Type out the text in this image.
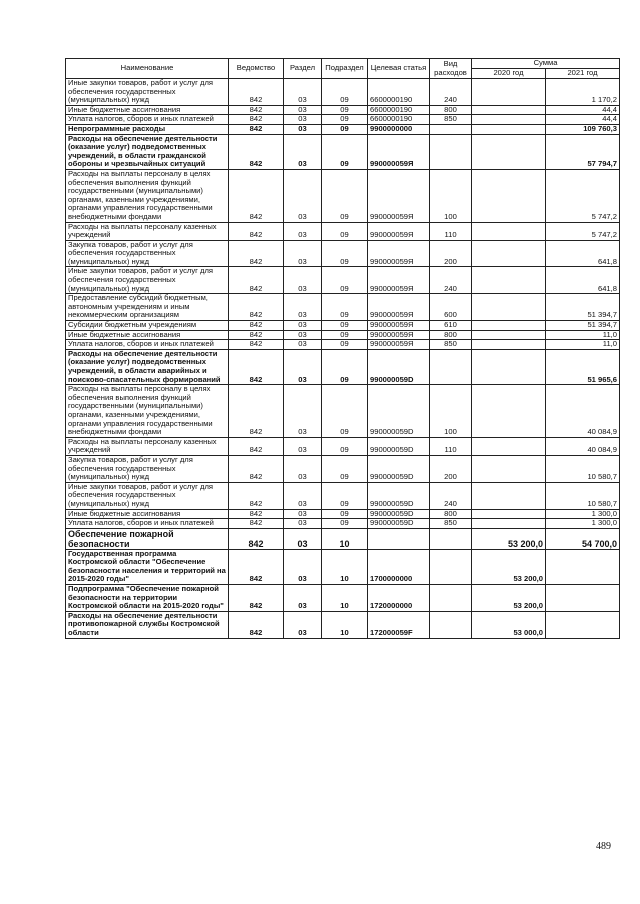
Наименование	Ведомство	Раздел	Подраздел	Целевая статья	Вид расходов	Сумма	
						2020 год	2021 год
Иные закупки товаров, работ и услуг для обеспечения государственных (муниципальных) нужд	842	03	09	6600000190	240		1 170,2
Иные бюджетные ассигнования	842	03	09	6600000190	800		44,4
Уплата налогов, сборов и иных платежей	842	03	09	6600000190	850		44,4
Непрограммные расходы	842	03	09	9900000000			109 760,3
Расходы на обеспечение деятельности (оказание услуг) подведомственных учреждений, в области гражданской обороны и чрезвычайных ситуаций	842	03	09	990000059Я			57 794,7
Расходы на выплаты персоналу в целях обеспечения выполнения функций государственными (муниципальными) органами, казенными учреждениями, органами управления государственными внебюджетными фондами	842	03	09	990000059Я	100		5 747,2
Расходы на выплаты персоналу казенных учреждений	842	03	09	990000059Я	110		5 747,2
Закупка товаров, работ и услуг для обеспечения государственных (муниципальных) нужд	842	03	09	990000059Я	200		641,8
Иные закупки товаров, работ и услуг для обеспечения государственных (муниципальных) нужд	842	03	09	990000059Я	240		641,8
Предоставление субсидий бюджетным, автономным учреждениям и иным некоммерческим организациям	842	03	09	990000059Я	600		51 394,7
Субсидии бюджетным учреждениям	842	03	09	990000059Я	610		51 394,7
Иные бюджетные ассигнования	842	03	09	990000059Я	800		11,0
Уплата налогов, сборов и иных платежей	842	03	09	990000059Я	850		11,0
Расходы на обеспечение деятельности (оказание услуг) подведомственных учреждений, в области аварийных и поисково-спасательных формирований	842	03	09	990000059D			51 965,6
Расходы на выплаты персоналу в целях обеспечения выполнения функций государственными (муниципальными) органами, казенными учреждениями, органами управления государственными внебюджетными фондами	842	03	09	990000059D	100		40 084,9
Расходы на выплаты персоналу казенных учреждений	842	03	09	990000059D	110		40 084,9
Закупка товаров, работ и услуг для обеспечения государственных (муниципальных) нужд	842	03	09	990000059D	200		10 580,7
Иные закупки товаров, работ и услуг для обеспечения государственных (муниципальных) нужд	842	03	09	990000059D	240		10 580,7
Иные бюджетные ассигнования	842	03	09	990000059D	800		1 300,0
Уплата налогов, сборов и иных платежей	842	03	09	990000059D	850		1 300,0
Обеспечение пожарной безопасности	842	03	10			53 200,0	54 700,0
Государственная программа Костромской области "Обеспечение безопасности населения и территорий на 2015-2020 годы"	842	03	10	1700000000		53 200,0	
Подпрограмма "Обеспечение пожарной безопасности на территории Костромской области на 2015-2020 годы"	842	03	10	1720000000		53 200,0	
Расходы на обеспечение деятельности противопожарной службы Костромской области	842	03	10	172000059F		53 000,0	
489
